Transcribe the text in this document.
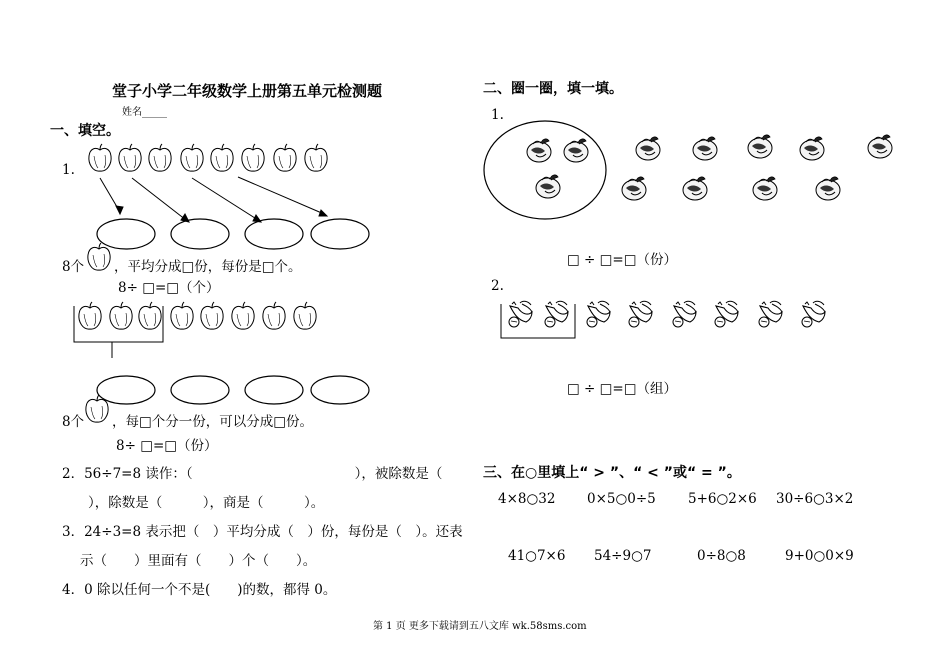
堂子小学二年级数学上册第五单元检测题
姓名_____
一、填空。
1.
8个 ，平均分成□份，每份是□个。
8÷ □=□（个）
8个 ，每□个分一份，可以分成□份。
8÷ □=□（份）
2．56÷7=8 读作：（　　　　　　　　　　　　），被除数是（
），除数是（　　　），商是（　　　）。
3．24÷3=8 表示把（　）平均分成（　）份，每份是（　）。还表
示（　　）里面有（　　）个（　　）。
4．0 除以任何一个不是(　　)的数，都得 0。
二、圈一圈，填一填。
1.
□ ÷ □=□（份）
2.
□ ÷ □=□（组）
三、在○里填上“ > ”、“ < ”或“ = ”。
4×8○32 0×5○0÷5 5+6○2×6 30÷6○3×2
41○7×6 54÷9○7	0÷8○8	9+0○0×9
第 1 页 更多下载请到五八文库 wk.58sms.com
